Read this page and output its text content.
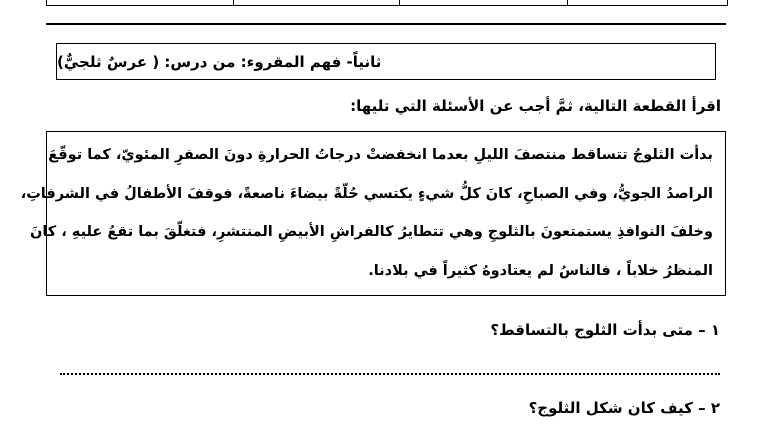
ثانياً- فهم المقروء: من درس: ( عرسٌ ثلجيٌّ)
اقرأ القطعة التالية، ثمَّ أجب عن الأسئلة التي تليها:

بدأت الثلوجُ تتساقط منتصفَ الليلِ بعدما انخفضتْ درجاتُ الحرارةِ دونَ الصفرِ المئويّ، كما توقّعَ

الراصدُ الجويُّ، وفي الصباحِ، كانَ كلُّ شيءٍ يكتسي حُلّةً بيضاءَ ناصعةً، فوقفَ الأطفالُ في الشرفاتِ،

وخلفَ النوافذِ يستمتعونَ بالثلوجِ وهي تتطايرُ كالفراشِ الأبيضِ المنتشرِ، فتغلّقَ بما تقعُ عليهِ ، كانَ

المنظرُ خلاباً ، فالناسُ لم يعتادوهُ كثيراً في بلادنا.

١ – متى بدأت الثلوج بالتساقط؟
٢ – كيف كان شكل الثلوج؟
